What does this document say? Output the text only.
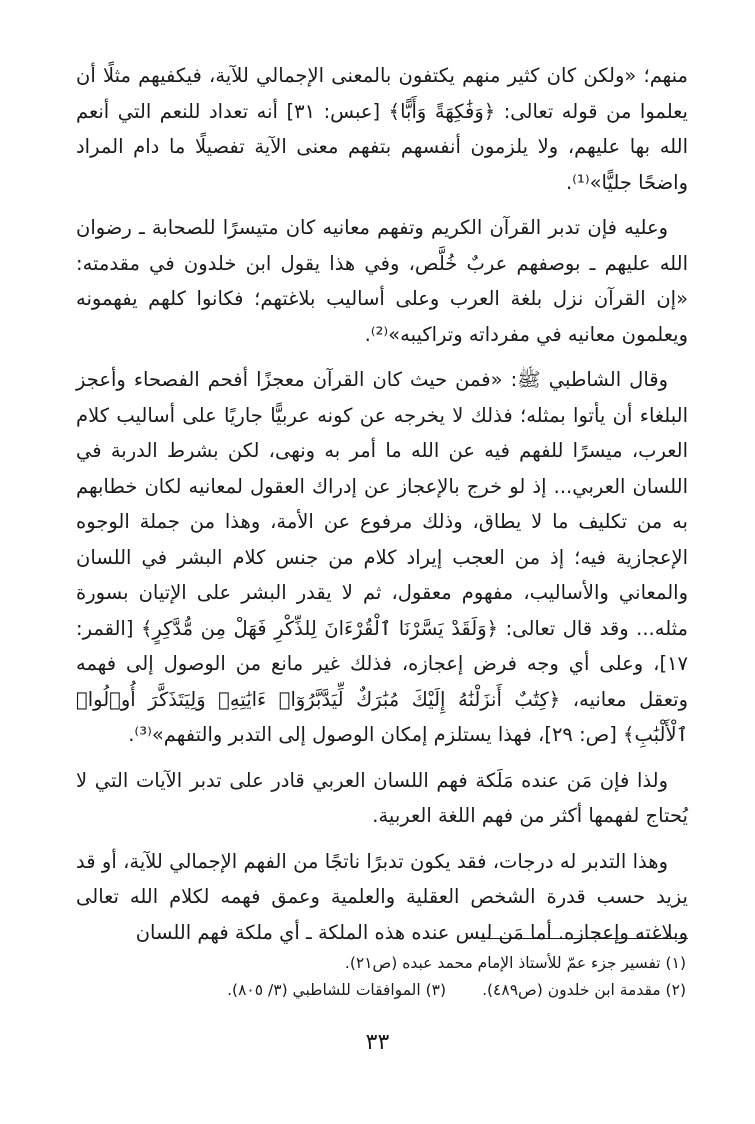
منهم؛ «ولكن كان كثير منهم يكتفون بالمعنى الإجمالي للآية، فيكفيهم مثلًا أن يعلموا من قوله تعالى: ﴿وَفَٰكِهَةً وَأَبًّا﴾ [عبس: ٣١] أنه تعداد للنعم التي أنعم الله بها عليهم، ولا يلزمون أنفسهم بتفهم معنى الآية تفصيلًا ما دام المراد واضحًا جليًّا»⁽¹⁾.

وعليه فإن تدبر القرآن الكريم وتفهم معانيه كان متيسرًا للصحابة ـ رضوان الله عليهم ـ بوصفهم عربٌ خُلَّص، وفي هذا يقول ابن خلدون في مقدمته: «إن القرآن نزل بلغة العرب وعلى أساليب بلاغتهم؛ فكانوا كلهم يفهمونه ويعلمون معانيه في مفرداته وتراكيبه»⁽²⁾.

وقال الشاطبي ﷺ: «فمن حيث كان القرآن معجزًا أفحم الفصحاء وأعجز البلغاء أن يأتوا بمثله؛ فذلك لا يخرجه عن كونه عربيًّا جاريًا على أساليب كلام العرب، ميسرًا للفهم فيه عن الله ما أمر به ونهى، لكن بشرط الدربة في اللسان العربي... إذ لو خرج بالإعجاز عن إدراك العقول لمعانيه لكان خطابهم به من تكليف ما لا يطاق، وذلك مرفوع عن الأمة، وهذا من جملة الوجوه الإعجازية فيه؛ إذ من العجب إيراد كلام من جنس كلام البشر في اللسان والمعاني والأساليب، مفهوم معقول، ثم لا يقدر البشر على الإتيان بسورة مثله... وقد قال تعالى: ﴿وَلَقَدْ يَسَّرْنَا ٱلْقُرْءَانَ لِلذِّكْرِ فَهَلْ مِن مُّدَّكِرٍ﴾ [القمر: ١٧]، وعلى أي وجه فرض إعجازه، فذلك غير مانع من الوصول إلى فهمه وتعقل معانيه، ﴿كِتَٰبٌ أَنزَلْنَٰهُ إِلَيْكَ مُبَٰرَكٌ لِّيَدَّبَّرُوٓا۟ ءَايَٰتِهِۦ وَلِيَتَذَكَّرَ أُو۟لُوا۟ ٱلْأَلْبَٰبِ﴾ [ص: ٢٩]، فهذا يستلزم إمكان الوصول إلى التدبر والتفهم»⁽³⁾.

ولذا فإن مَن عنده مَلَكة فهم اللسان العربي قادر على تدبر الآيات التي لا يُحتاج لفهمها أكثر من فهم اللغة العربية.

وهذا التدبر له درجات، فقد يكون تدبرًا ناتجًا من الفهم الإجمالي للآية، أو قد يزيد حسب قدرة الشخص العقلية والعلمية وعمق فهمه لكلام الله تعالى وبلاغته وإعجازه. أما مَن ليس عنده هذه الملكة ـ أي ملكة فهم اللسان

(١) تفسير جزء عمّ للأستاذ الإمام محمد عبده (ص٢١).
(٢) مقدمة ابن خلدون (ص٤٨٩).
(٣) الموافقات للشاطبي (٣/ ٨٠٥).
٣٣
